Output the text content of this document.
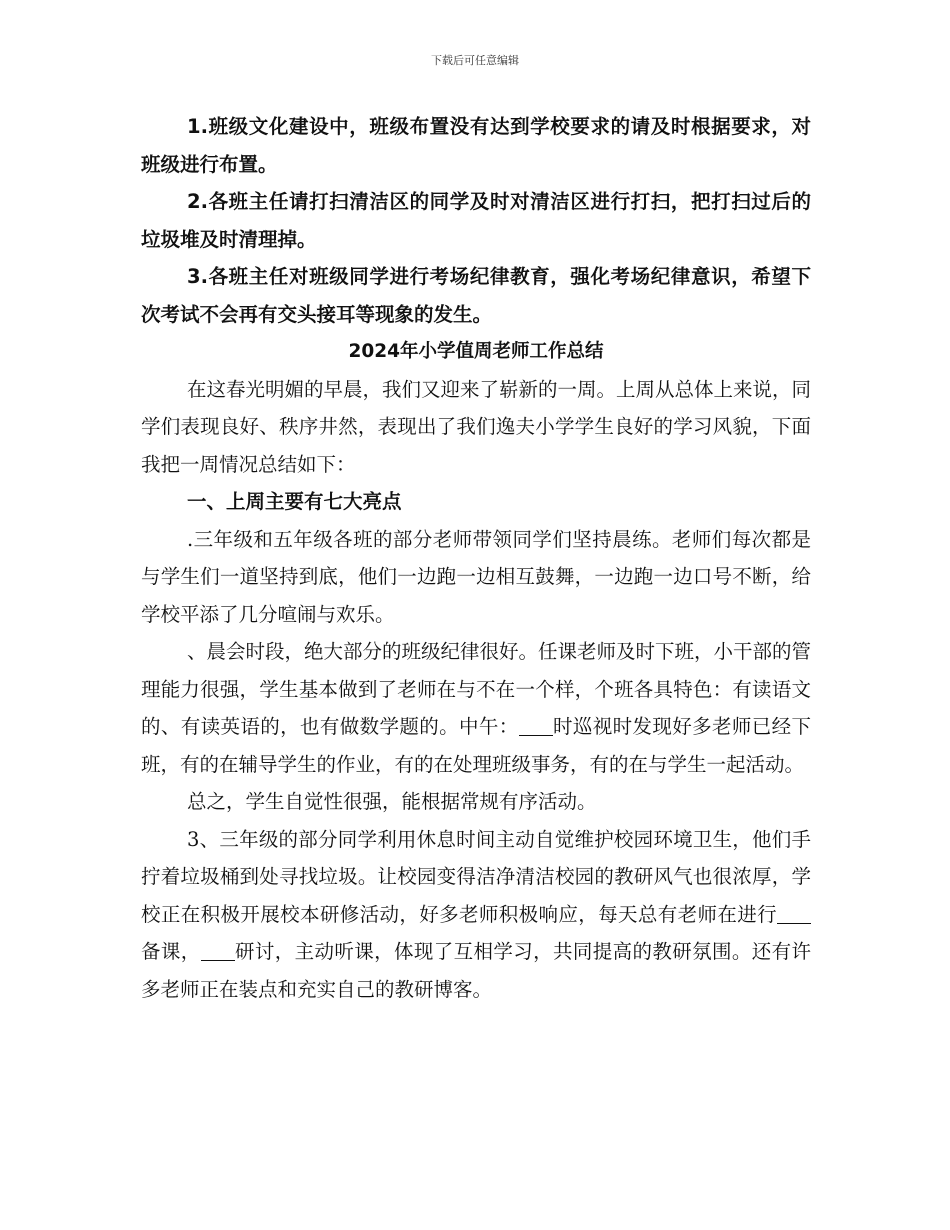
下载后可任意编辑

1.班级文化建设中，班级布置没有达到学校要求的请及时根据要求，对班级进行布置。

2.各班主任请打扫清洁区的同学及时对清洁区进行打扫，把打扫过后的垃圾堆及时清理掉。

3.各班主任对班级同学进行考场纪律教育，强化考场纪律意识，希望下次考试不会再有交头接耳等现象的发生。

2024年小学值周老师工作总结

在这春光明媚的早晨，我们又迎来了崭新的一周。上周从总体上来说，同学们表现良好、秩序井然，表现出了我们逸夫小学学生良好的学习风貌，下面我把一周情况总结如下：

一、上周主要有七大亮点

.三年级和五年级各班的部分老师带领同学们坚持晨练。老师们每次都是与学生们一道坚持到底，他们一边跑一边相互鼓舞，一边跑一边口号不断，给学校平添了几分喧闹与欢乐。

、晨会时段，绝大部分的班级纪律很好。任课老师及时下班，小干部的管理能力很强，学生基本做到了老师在与不在一个样，个班各具特色：有读语文的、有读英语的，也有做数学题的。中午： 时巡视时发现好多老师已经下班，有的在辅导学生的作业，有的在处理班级事务，有的在与学生一起活动。

总之，学生自觉性很强，能根据常规有序活动。

3、三年级的部分同学利用休息时间主动自觉维护校园环境卫生，他们手拧着垃圾桶到处寻找垃圾。让校园变得洁净清洁校园的教研风气也很浓厚，学校正在积极开展校本研修活动，好多老师积极响应，每天总有老师在进行备课， 研讨，主动听课，体现了互相学习，共同提高的教研氛围。还有许多老师正在装点和充实自己的教研博客。
